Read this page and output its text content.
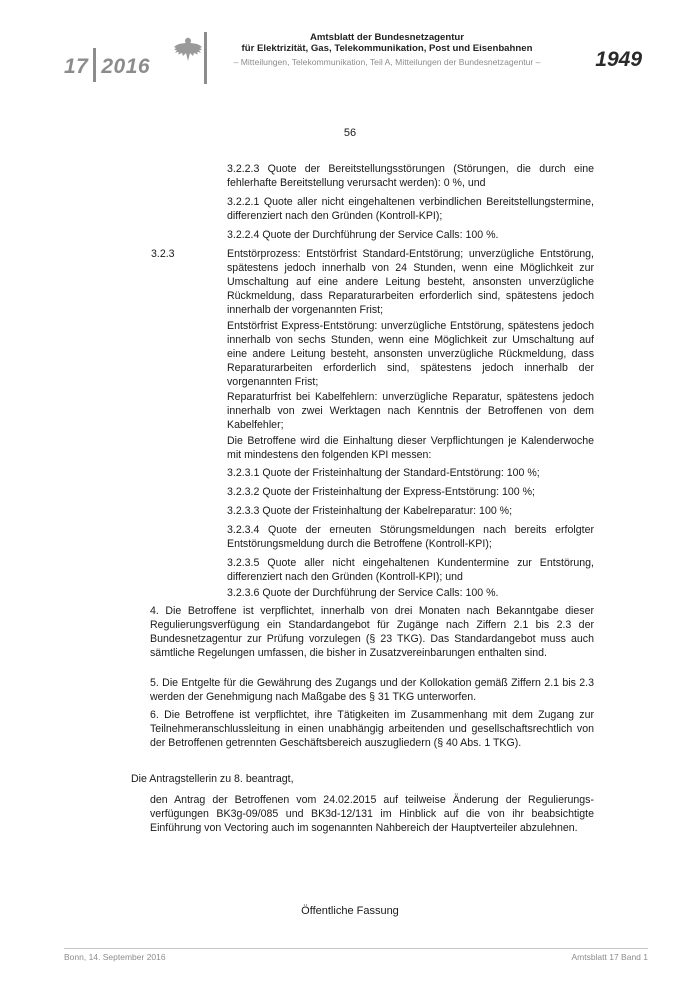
17 2016
Amtsblatt der Bundesnetzagentur
für Elektrizität, Gas, Telekommunikation, Post und Eisenbahnen
– Mitteilungen, Telekommunikation, Teil A, Mitteilungen der Bundesnetzagentur –	1949
56

3.2.2.3 Quote der Bereitstellungsstörungen (Störungen, die durch eine fehlerhafte Bereitstellung verursacht werden): 0 %, und

3.2.2.1 Quote aller nicht eingehaltenen verbindlichen Bereitstellungstermine, differenziert nach den Gründen (Kontroll-KPI);

3.2.2.4 Quote der Durchführung der Service Calls: 100 %.

3.2.3	Entstörprozess: Entstörfrist Standard-Entstörung; unverzügliche Entstörung, spätestens jedoch innerhalb von 24 Stunden, wenn eine Möglichkeit zur Umschaltung auf eine andere Leitung besteht, ansonsten unverzügliche Rückmeldung, dass Reparaturarbeiten erforderlich sind, spätestens jedoch innerhalb der vorgenannten Frist;

Entstörfrist Express-Entstörung: unverzügliche Entstörung, spätestens jedoch innerhalb von sechs Stunden, wenn eine Möglichkeit zur Umschaltung auf eine andere Leitung besteht, ansonsten unverzügliche Rückmeldung, dass Reparaturarbeiten erforderlich sind, spätestens jedoch innerhalb der vorgenannten Frist;

Reparaturfrist bei Kabelfehlern: unverzügliche Reparatur, spätestens jedoch innerhalb von zwei Werktagen nach Kenntnis der Betroffenen von dem Kabelfehler;

Die Betroffene wird die Einhaltung dieser Verpflichtungen je Kalenderwoche mit mindestens den folgenden KPI messen:

3.2.3.1 Quote der Fristeinhaltung der Standard-Entstörung: 100 %;

3.2.3.2 Quote der Fristeinhaltung der Express-Entstörung: 100 %;

3.2.3.3 Quote der Fristeinhaltung der Kabelreparatur: 100 %;

3.2.3.4 Quote der erneuten Störungsmeldungen nach bereits erfolgter Entstörungsmeldung durch die Betroffene (Kontroll-KPI);

3.2.3.5 Quote aller nicht eingehaltenen Kundentermine zur Entstörung, differenziert nach den Gründen (Kontroll-KPI); und

3.2.3.6 Quote der Durchführung der Service Calls: 100 %.

4. Die Betroffene ist verpflichtet, innerhalb von drei Monaten nach Bekanntgabe dieser Regulierungsverfügung ein Standardangebot für Zugänge nach Ziffern 2.1 bis 2.3 der Bundesnetzagentur zur Prüfung vorzulegen (§ 23 TKG). Das Standardangebot muss auch sämtliche Regelungen umfassen, die bisher in Zusatzvereinbarungen enthalten sind.

5. Die Entgelte für die Gewährung des Zugangs und der Kollokation gemäß Ziffern 2.1 bis 2.3 werden der Genehmigung nach Maßgabe des § 31 TKG unterworfen.

6. Die Betroffene ist verpflichtet, ihre Tätigkeiten im Zusammenhang mit dem Zugang zur Teilnehmeranschlussleitung in einen unabhängig arbeitenden und gesellschaftsrechtlich von der Betroffenen getrennten Geschäftsbereich auszugliedern (§ 40 Abs. 1 TKG).

Die Antragstellerin zu 8. beantragt,

den Antrag der Betroffenen vom 24.02.2015 auf teilweise Änderung der Regulierungsverfügungen BK3g-09/085 und BK3d-12/131 im Hinblick auf die von ihr beabsichtigte Einführung von Vectoring auch im sogenannten Nahbereich der Hauptverteiler abzulehnen.

Öffentliche Fassung

Bonn, 14. September 2016	Amtsblatt 17 Band 1
